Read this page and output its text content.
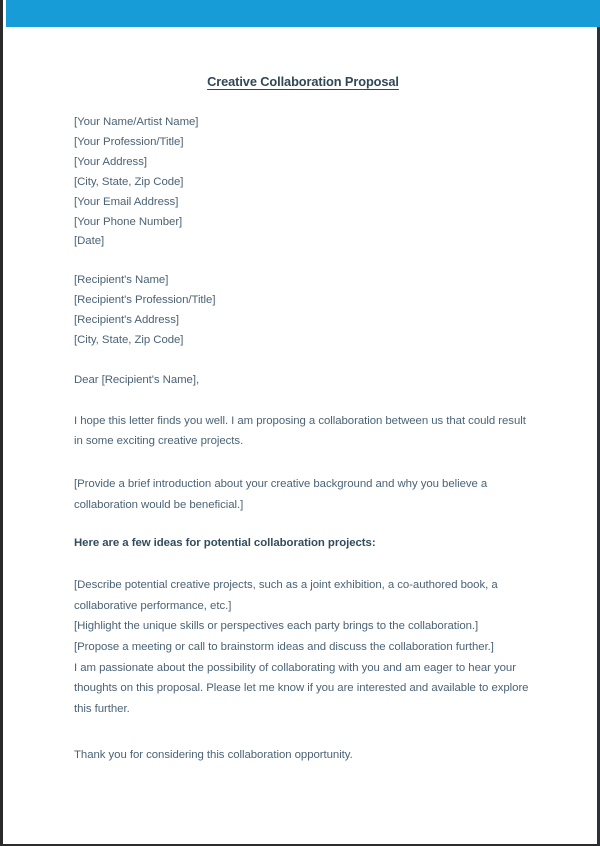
Creative Collaboration Proposal

[Your Name/Artist Name]

[Your Profession/Title]

[Your Address]

[City, State, Zip Code]

[Your Email Address]

[Your Phone Number]

[Date]

[Recipient's Name]

[Recipient's Profession/Title]

[Recipient's Address]

[City, State, Zip Code]

Dear [Recipient's Name],

I hope this letter finds you well. I am proposing a collaboration between us that could result in some exciting creative projects.

[Provide a brief introduction about your creative background and why you believe a collaboration would be beneficial.]

Here are a few ideas for potential collaboration projects:

[Describe potential creative projects, such as a joint exhibition, a co-authored book, a collaborative performance, etc.]

[Highlight the unique skills or perspectives each party brings to the collaboration.]

[Propose a meeting or call to brainstorm ideas and discuss the collaboration further.]

I am passionate about the possibility of collaborating with you and am eager to hear your thoughts on this proposal. Please let me know if you are interested and available to explore this further.

Thank you for considering this collaboration opportunity.
